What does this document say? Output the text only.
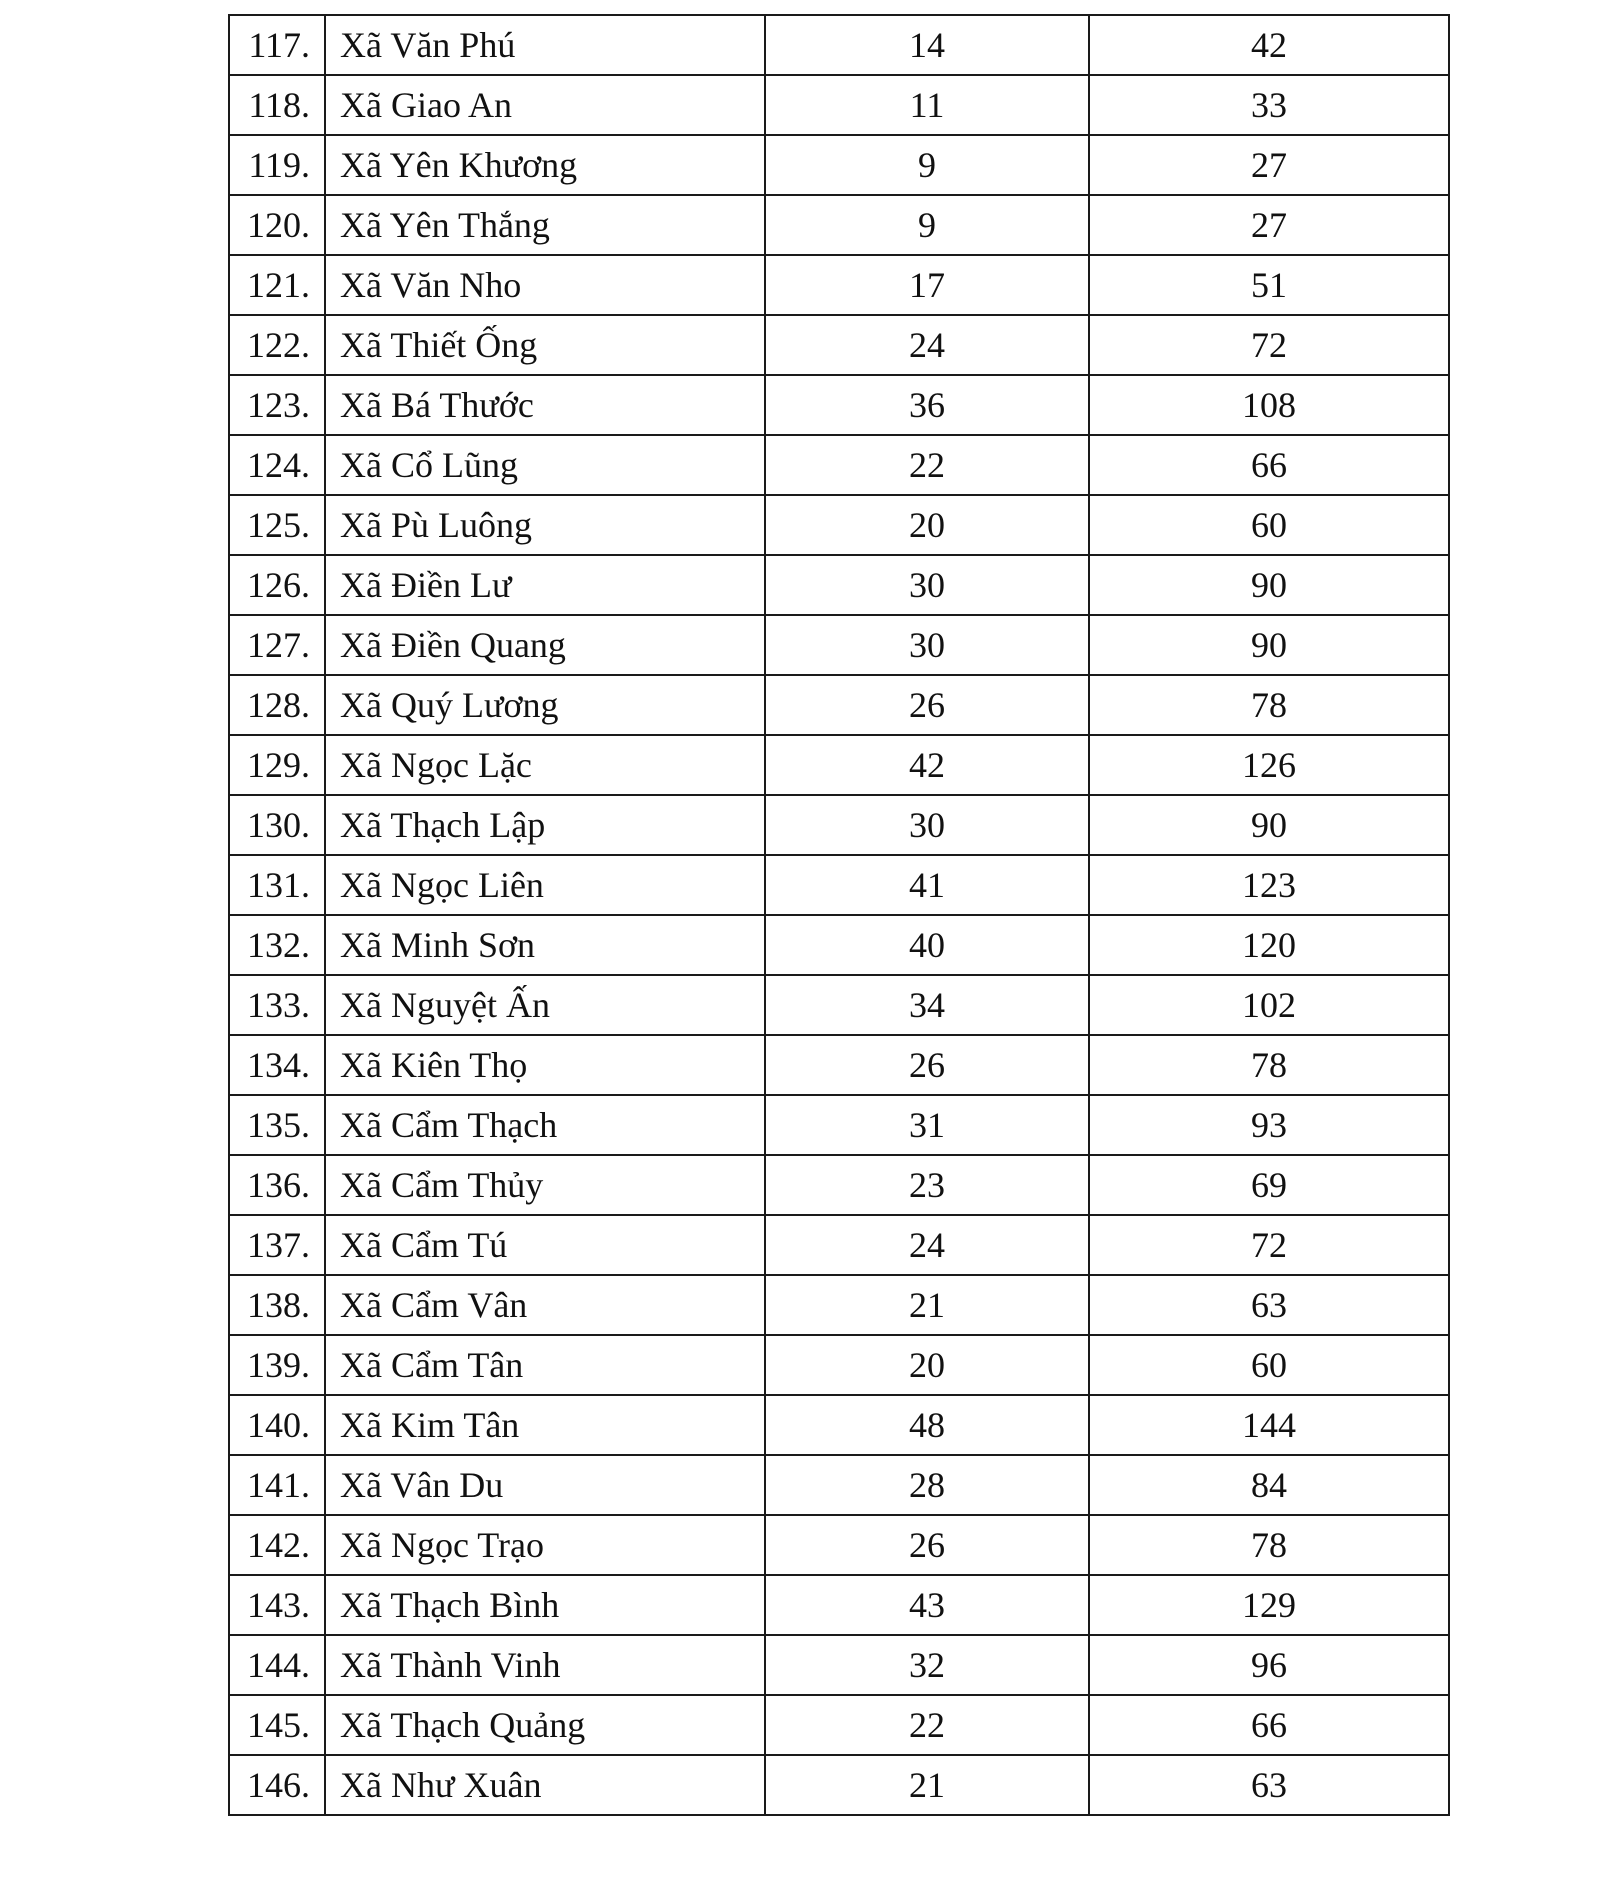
117.	Xã Văn Phú	14	42
118.	Xã Giao An	11	33
119.	Xã Yên Khương	9	27
120.	Xã Yên Thắng	9	27
121.	Xã Văn Nho	17	51
122.	Xã Thiết Ống	24	72
123.	Xã Bá Thước	36	108
124.	Xã Cổ Lũng	22	66
125.	Xã Pù Luông	20	60
126.	Xã Điền Lư	30	90
127.	Xã Điền Quang	30	90
128.	Xã Quý Lương	26	78
129.	Xã Ngọc Lặc	42	126
130.	Xã Thạch Lập	30	90
131.	Xã Ngọc Liên	41	123
132.	Xã Minh Sơn	40	120
133.	Xã Nguyệt Ấn	34	102
134.	Xã Kiên Thọ	26	78
135.	Xã Cẩm Thạch	31	93
136.	Xã Cẩm Thủy	23	69
137.	Xã Cẩm Tú	24	72
138.	Xã Cẩm Vân	21	63
139.	Xã Cẩm Tân	20	60
140.	Xã Kim Tân	48	144
141.	Xã Vân Du	28	84
142.	Xã Ngọc Trạo	26	78
143.	Xã Thạch Bình	43	129
144.	Xã Thành Vinh	32	96
145.	Xã Thạch Quảng	22	66
146.	Xã Như Xuân	21	63
